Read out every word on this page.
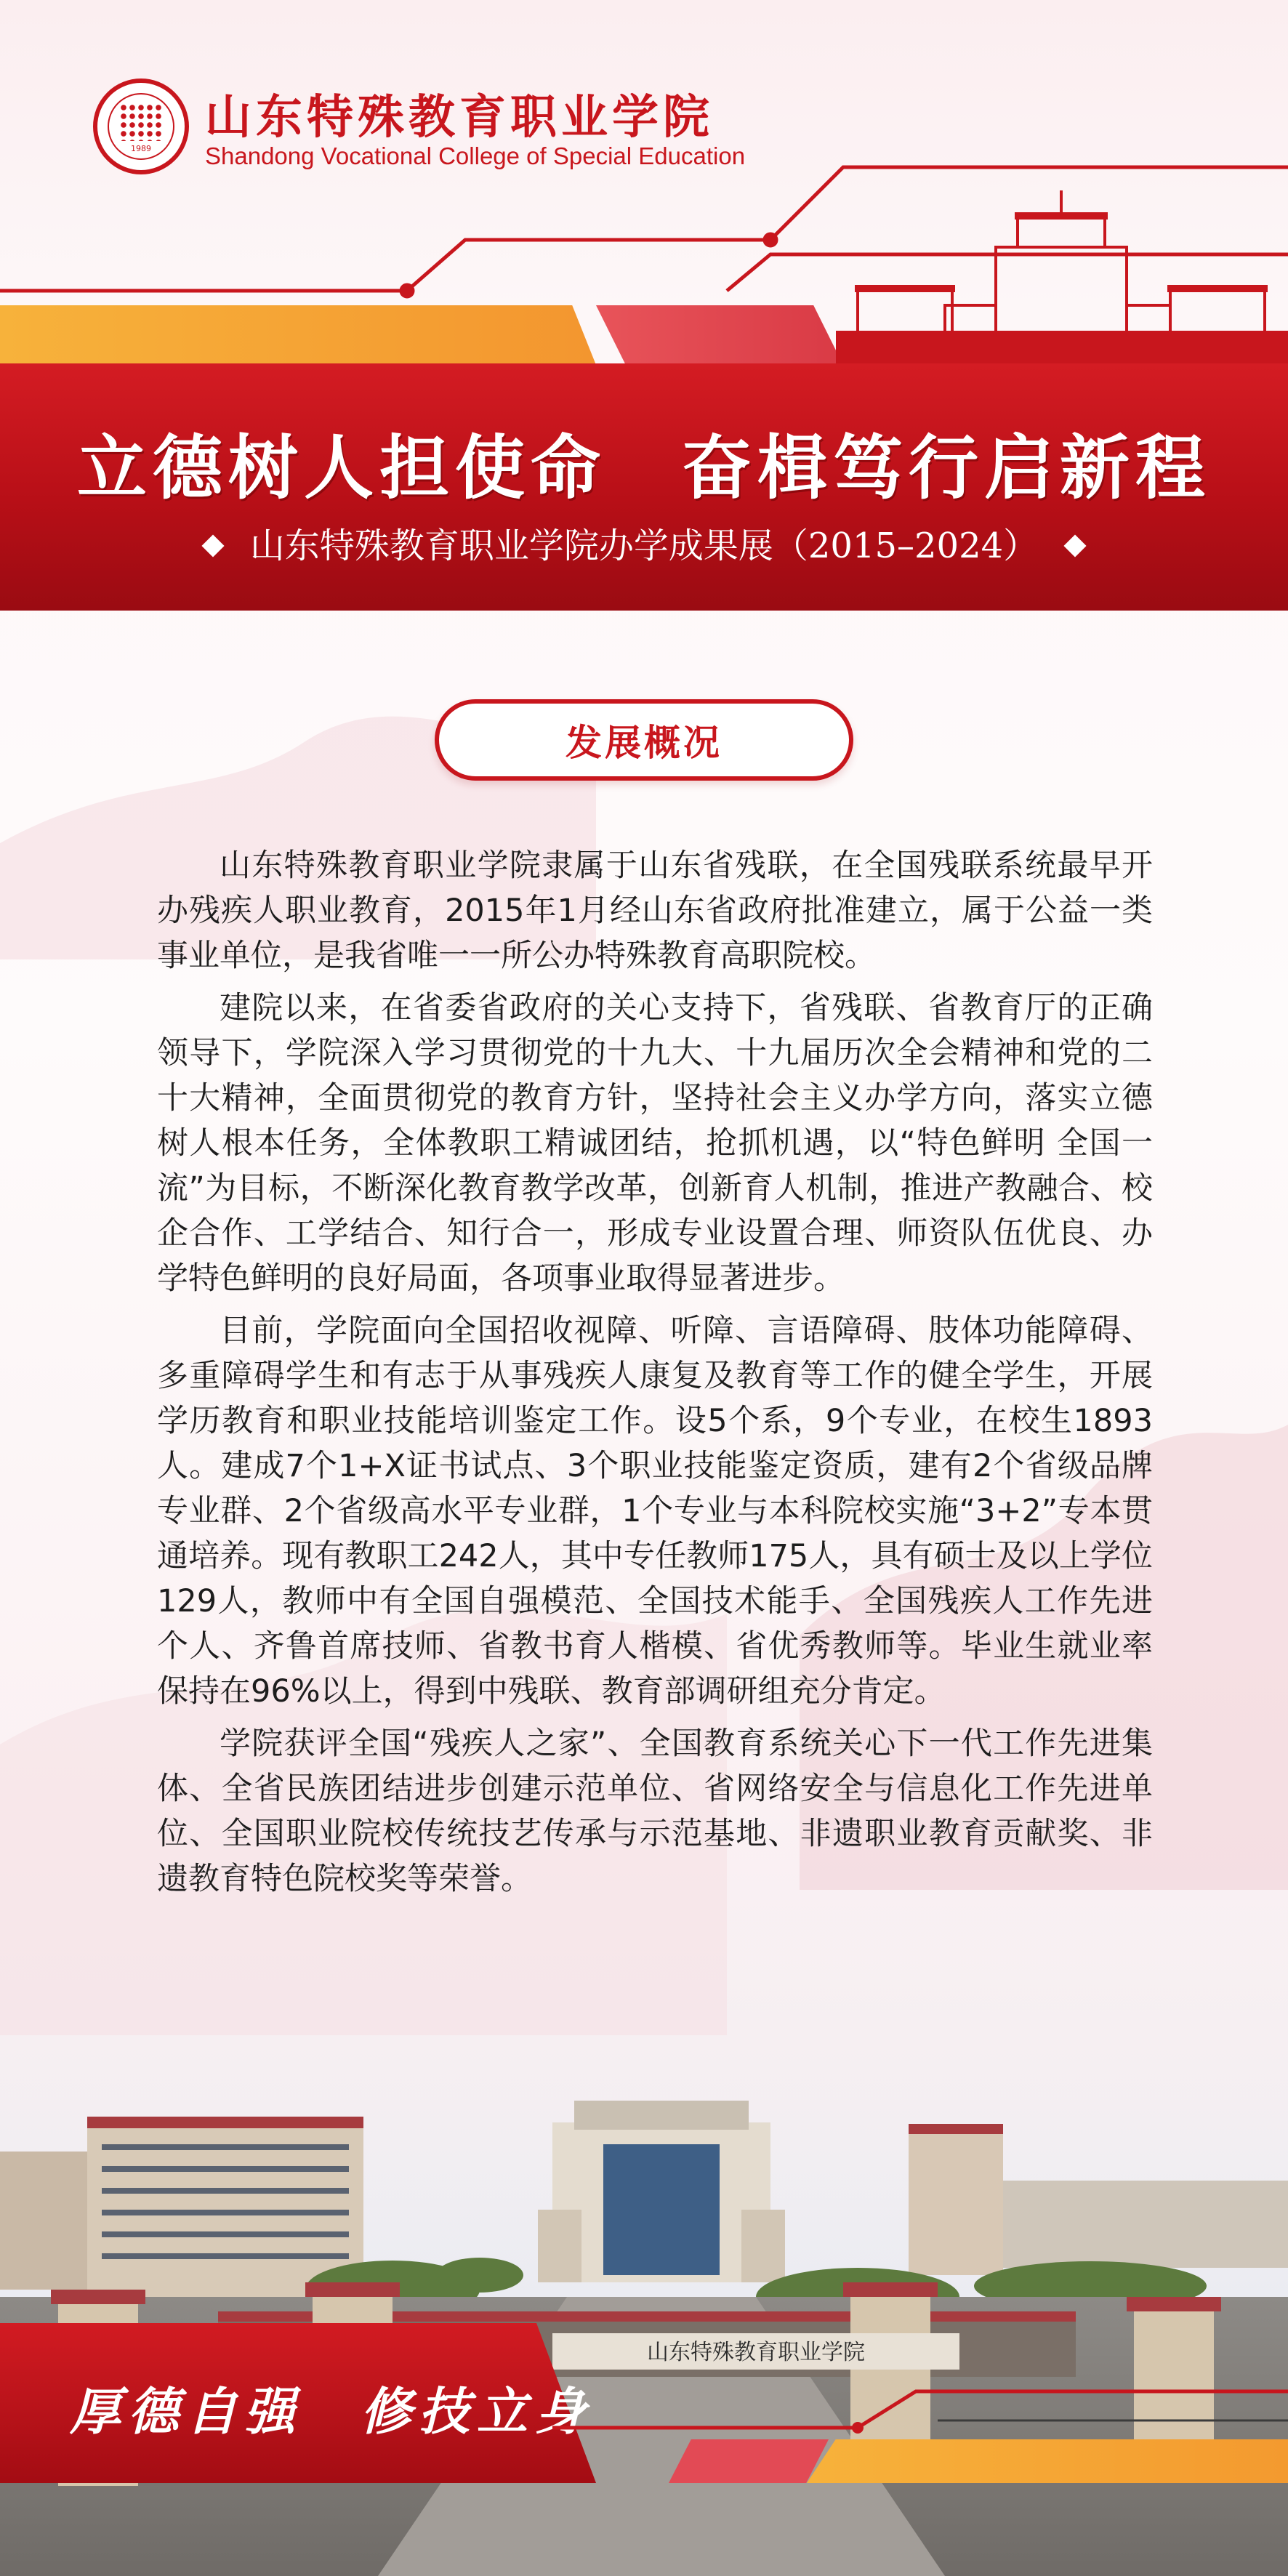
1989
山东特殊教育职业学院
Shandong Vocational College of Special Education
立德树人担使命　奋楫笃行启新程
山东特殊教育职业学院办学成果展（2015–2024）
发展概况

山东特殊教育职业学院隶属于山东省残联，在全国残联系统最早开办残疾人职业教育，2015年1月经山东省政府批准建立，属于公益一类事业单位，是我省唯一一所公办特殊教育高职院校。

建院以来，在省委省政府的关心支持下，省残联、省教育厅的正确领导下，学院深入学习贯彻党的十九大、十九届历次全会精神和党的二十大精神，全面贯彻党的教育方针，坚持社会主义办学方向，落实立德树人根本任务，全体教职工精诚团结，抢抓机遇，以“特色鲜明 全国一流”为目标，不断深化教育教学改革，创新育人机制，推进产教融合、校企合作、工学结合、知行合一，形成专业设置合理、师资队伍优良、办学特色鲜明的良好局面，各项事业取得显著进步。

目前，学院面向全国招收视障、听障、言语障碍、肢体功能障碍、多重障碍学生和有志于从事残疾人康复及教育等工作的健全学生，开展学历教育和职业技能培训鉴定工作。设5个系，9个专业，在校生1893人。建成7个1+X证书试点、3个职业技能鉴定资质，建有2个省级品牌专业群、2个省级高水平专业群，1个专业与本科院校实施“3+2”专本贯通培养。现有教职工242人，其中专任教师175人，具有硕士及以上学位129人，教师中有全国自强模范、全国技术能手、全国残疾人工作先进个人、齐鲁首席技师、省教书育人楷模、省优秀教师等。毕业生就业率保持在96%以上，得到中残联、教育部调研组充分肯定。

学院获评全国“残疾人之家”、全国教育系统关心下一代工作先进集体、全省民族团结进步创建示范单位、省网络安全与信息化工作先进单位、全国职业院校传统技艺传承与示范基地、非遗职业教育贡献奖、非遗教育特色院校奖等荣誉。

山东特殊教育职业学院
厚德自强　修技立身
